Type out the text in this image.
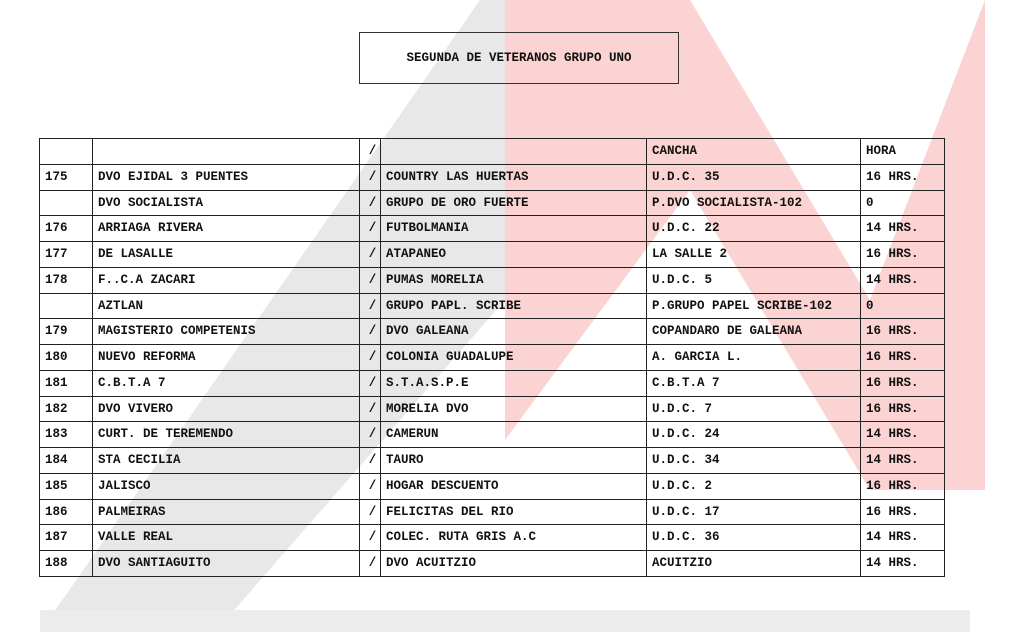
SEGUNDA DE VETERANOS GRUPO UNO
		/		CANCHA	HORA
175	DVO EJIDAL 3 PUENTES	/	COUNTRY LAS HUERTAS	U.D.C. 35	16 HRS.
	DVO SOCIALISTA	/	GRUPO DE ORO FUERTE	P.DVO SOCIALISTA-102	0
176	ARRIAGA RIVERA	/	FUTBOLMANIA	U.D.C. 22	14 HRS.
177	DE LASALLE	/	ATAPANEO	LA SALLE 2	16 HRS.
178	F..C.A ZACARI	/	PUMAS MORELIA	U.D.C. 5	14 HRS.
	AZTLAN	/	GRUPO PAPL. SCRIBE	P.GRUPO PAPEL SCRIBE-102	0
179	MAGISTERIO COMPETENIS	/	DVO GALEANA	COPANDARO DE GALEANA	16 HRS.
180	NUEVO REFORMA	/	COLONIA GUADALUPE	A. GARCIA L.	16 HRS.
181	C.B.T.A 7	/	S.T.A.S.P.E	C.B.T.A 7	16 HRS.
182	DVO VIVERO	/	MORELIA DVO	U.D.C. 7	16 HRS.
183	CURT. DE TEREMENDO	/	CAMERUN	U.D.C. 24	14 HRS.
184	STA CECILIA	/	TAURO	U.D.C. 34	14 HRS.
185	JALISCO	/	HOGAR DESCUENTO	U.D.C. 2	16 HRS.
186	PALMEIRAS	/	FELICITAS DEL RIO	U.D.C. 17	16 HRS.
187	VALLE REAL	/	COLEC. RUTA GRIS A.C	U.D.C. 36	14 HRS.
188	DVO SANTIAGUITO	/	DVO ACUITZIO	ACUITZIO	14 HRS.
